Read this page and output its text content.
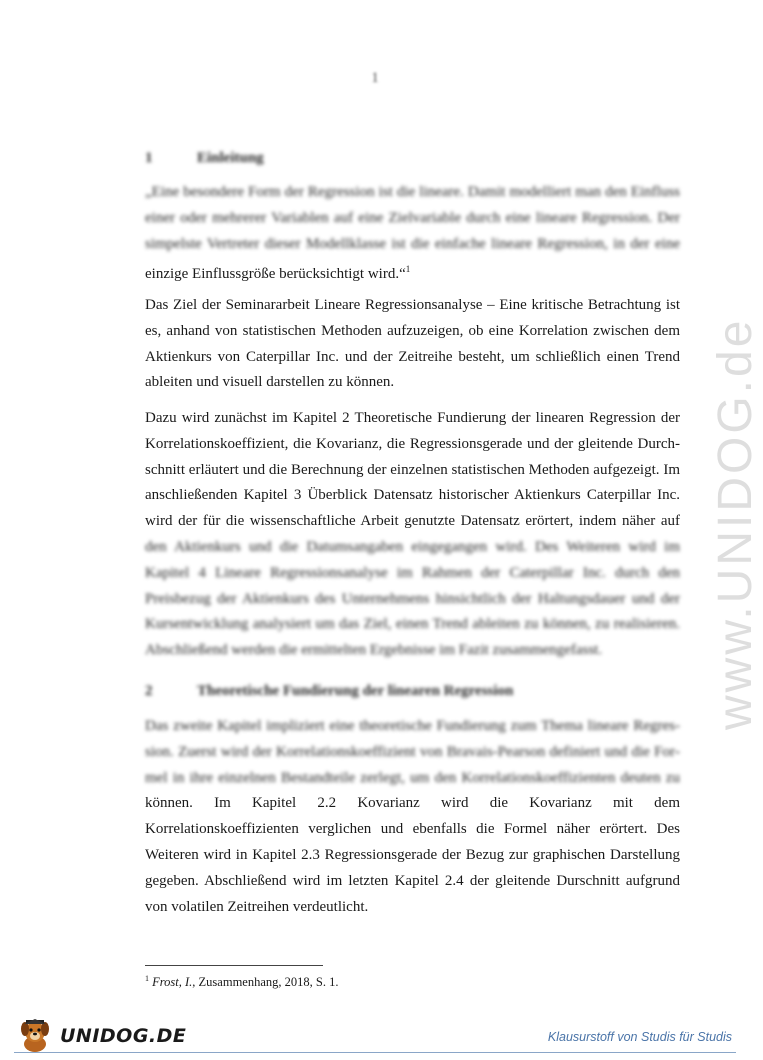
1
www.UNIDOG.de
1	Einleitung
„Eine besondere Form der Regression ist die lineare. Damit modelliert man den Einfluss einer oder mehrerer Variablen auf eine Zielvariable durch eine lineare Regression. Der simpelste Vertreter dieser Modellklasse ist die einfache lineare Regression, in der eine einzige Einflussgröße berücksichtigt wird.“$^1$

Das Ziel der Seminararbeit Lineare Regressionsanalyse – Eine kritische Betrachtung ist es, anhand von statistischen Methoden aufzuzeigen, ob eine Korrelation zwischen dem Aktienkurs von Caterpillar Inc. und der Zeitreihe besteht, um schließlich einen Trend ableiten und visuell darstellen zu können.

Dazu wird zunächst im Kapitel 2 Theoretische Fundierung der linearen Regression der Korrelationskoeffizient, die Kovarianz, die Regressionsgerade und der gleitende Durchschnitt erläutert und die Berechnung der einzelnen statistischen Methoden aufgezeigt. Im anschließenden Kapitel 3 Überblick Datensatz historischer Aktienkurs Caterpillar Inc. wird der für die wissenschaftliche Arbeit genutzte Datensatz erörtert, indem näher auf den Aktienkurs und die Datumsangaben eingegangen wird. Des Weiteren wird im Kapitel 4 Lineare Regressionsanalyse im Rahmen der Caterpillar Inc. durch den Preisbezug der Aktienkurs des Unternehmens hinsichtlich der Haltungsdauer und der Kursentwicklung analysiert um das Ziel, einen Trend ableiten zu können, zu realisieren. Abschließend werden die ermittelten Ergebnisse im Fazit zusammengefasst.
2	Theoretische Fundierung der linearen Regression
Das zweite Kapitel impliziert eine theoretische Fundierung zum Thema lineare Regression. Zuerst wird der Korrelationskoeffizient von Bravais-Pearson definiert und die Formel in ihre einzelnen Bestandteile zerlegt, um den Korrelationskoeffizienten deuten zu können. Im Kapitel 2.2 Kovarianz wird die Kovarianz mit dem Korrelationskoeffizienten verglichen und ebenfalls die Formel näher erörtert. Des Weiteren wird in Kapitel 2.3 Regressionsgerade der Bezug zur graphischen Darstellung gegeben. Abschließend wird im letzten Kapitel 2.4 der gleitende Durschnitt aufgrund von volatilen Zeitreihen verdeutlicht.
$^1$ Frost, I., Zusammenhang, 2018, S. 1.
UNIDOG.DE	Klausurstoff von Studis für Studis
